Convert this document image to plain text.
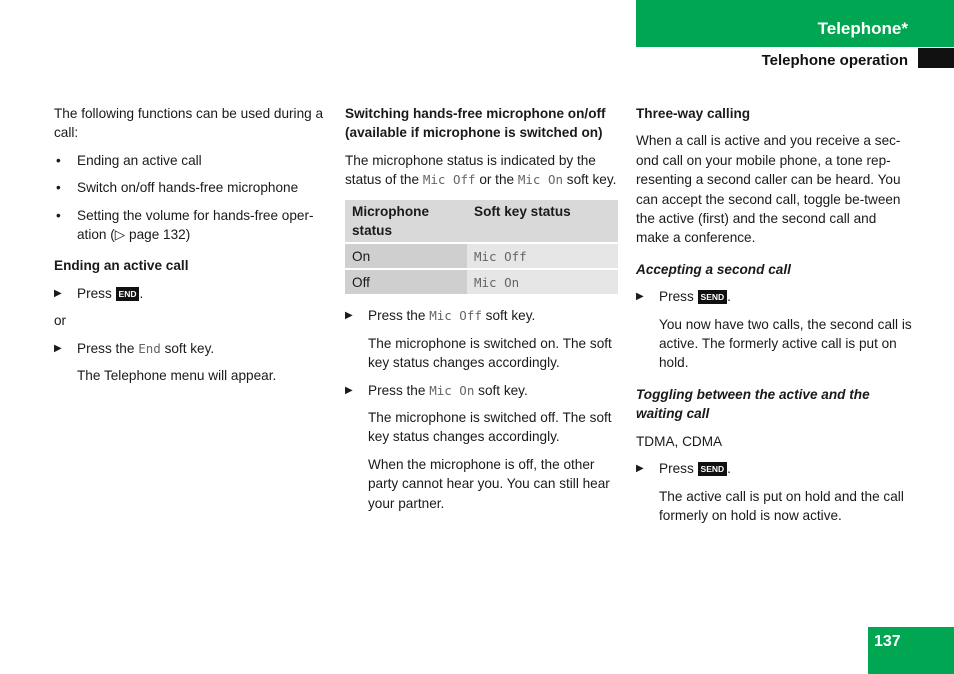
Telephone*
Telephone operation

The following functions can be used during a call:

• Ending an active call

• Switch on/off hands-free microphone

• Setting the volume for hands-free oper-ation (▷ page 132)

Ending an active call

▶ Press END .

or

▶ Press the End soft key.

The Telephone menu will appear.

Switching hands-free microphone on/off (available if microphone is switched on)

The microphone status is indicated by the status of the Mic Off or the Mic On soft key.

Microphone status	Soft key status
On	Mic Off
Off	Mic On

▶ Press the Mic Off soft key.

The microphone is switched on. The soft key status changes accordingly.

▶ Press the Mic On soft key.

The microphone is switched off. The soft key status changes accordingly.

When the microphone is off, the other party cannot hear you. You can still hear your partner.

Three-way calling

When a call is active and you receive a sec-ond call on your mobile phone, a tone rep-resenting a second caller can be heard. You can accept the second call, toggle be-tween the active (first) and the second call and make a conference.

Accepting a second call

▶ Press SEND .

You now have two calls, the second call is active. The formerly active call is put on hold.

Toggling between the active and the waiting call

TDMA, CDMA

▶ Press SEND .

The active call is put on hold and the call formerly on hold is now active.

137
